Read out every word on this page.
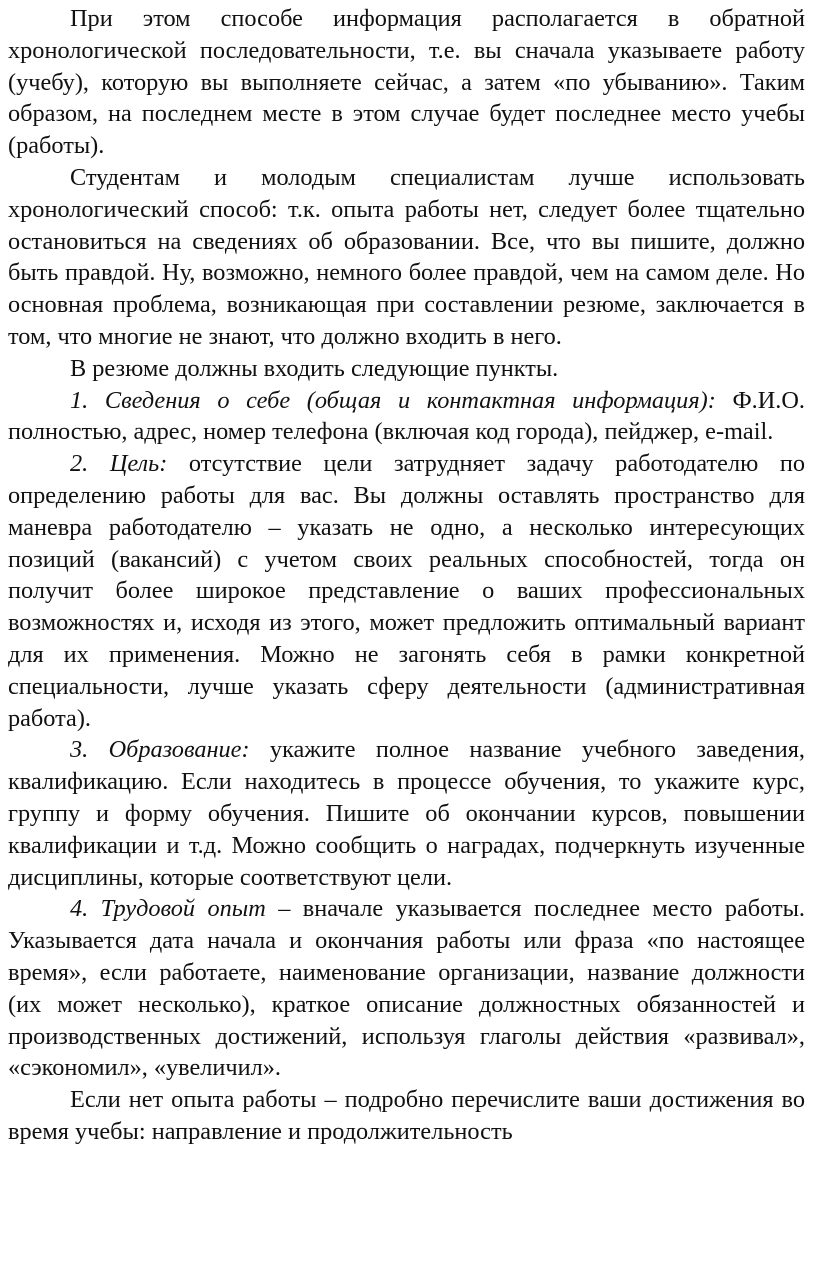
При этом способе информация располагается в обратной хронологической последовательности, т.е. вы сначала указываете работу (учебу), которую вы выполняете сейчас, а затем «по убыванию». Таким образом, на последнем месте в этом случае будет последнее место учебы (работы).

Студентам и молодым специалистам лучше использовать хронологический способ: т.к. опыта работы нет, следует более тщательно остановиться на сведениях об образовании. Все, что вы пишите, должно быть правдой. Ну, возможно, немного более правдой, чем на самом деле. Но основная проблема, возникающая при составлении резюме, заключается в том, что многие не знают, что должно входить в него.

В резюме должны входить следующие пункты.

1. Сведения о себе (общая и контактная информация): Ф.И.О. полностью, адрес, номер телефона (включая код города), пейджер, e-mail.

2. Цель: отсутствие цели затрудняет задачу работодателю по определению работы для вас. Вы должны оставлять пространство для маневра работодателю – указать не одно, а несколько интересующих позиций (вакансий) с учетом своих реальных способностей, тогда он получит более широкое представление о ваших профессиональных возможностях и, исходя из этого, может предложить оптимальный вариант для их применения. Можно не загонять себя в рамки конкретной специальности, лучше указать сферу деятельности (административная работа).

3. Образование: укажите полное название учебного заведения, квалификацию. Если находитесь в процессе обучения, то укажите курс, группу и форму обучения. Пишите об окончании курсов, повышении квалификации и т.д. Можно сообщить о наградах, подчеркнуть изученные дисциплины, которые соответствуют цели.

4. Трудовой опыт – вначале указывается последнее место работы. Указывается дата начала и окончания работы или фраза «по настоящее время», если работаете, наименование организации, название должности (их может несколько), краткое описание должностных обязанностей и производственных достижений, используя глаголы действия «развивал», «сэкономил», «увеличил».

Если нет опыта работы – подробно перечислите ваши достижения во время учебы: направление и продолжительность
